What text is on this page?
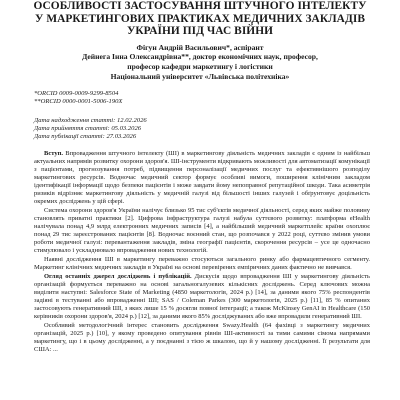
ОСОБЛИВОСТІ ЗАСТОСУВАННЯ ШТУЧНОГО ІНТЕЛЕКТУ
У МАРКЕТИНГОВИХ ПРАКТИКАХ МЕДИЧНИХ ЗАКЛАДІВ
УКРАЇНИ ПІД ЧАС ВІЙНИ
Фігун Андрій Васильович*, аспірант
Дейнега Інна Олександрівна**, доктор економічних наук, професор,
професор кафедри маркетингу і логістики
Національний університет «Львівська політехніка»
*ORCID 0009-0009-9299-8504
**ORCID 0000-0001-5006-190X
Дата надходження статті: 12.02.2026
Дата прийняття статті: 05.03.2026
Дата публікації статті: 27.03.2026

Вступ. Впровадження штучного інтелекту (ШІ) в маркетингову діяльність медичних закладів є одним із найбільш актуальних напрямів розвитку охорони здоров'я. ШІ-інструменти відкривають можливості для автоматизації комунікації з пацієнтами, прогнозування потреб, підвищення персоналізації медичних послуг та ефективнішого розподілу маркетингових ресурсів. Водночас медичний сектор формує особливі вимоги, поширення клінічним закладом ідентифікації інформації щодо безпеки пацієнтів і може завдати йому непоправної репутаційної шкоди. Така асиметрія ризиків відрізняє маркетингову діяльність у медичній галузі від більшості інших галузей і обґрунтовує доцільність окремих досліджень у цій сфері.

Система охорони здоров'я України налічує близько 95 тис суб'єктів медичної діяльності, серед яких майже половину становлять приватні практики [2]. Цифрова інфраструктура галузі набула суттєвого розвитку: платформа eHealth налічувала понад 4,9 млрд електронних медичних записів [4], а найбільший медичний маркетплейс країни охоплює понад 29 тис зареєстрованих пацієнтів [8]. Водночас воєнний стан, що розпочався у 2022 році, суттєво змінив умови роботи медичної галузі: перевантаження закладів, зміна географії пацієнтів, скорочення ресурсів – усе це одночасно стимулювало і ускладнювало впровадження нових технологій.

Наявні дослідження ШІ в маркетингу переважно стосуються загального ринку або фармацевтичного сегменту. Маркетинг клінічних медичних закладів в Україні на основі перевірених емпіричних даних фактично не вивчався.

Огляд останніх джерел досліджень і публікацій. Дискусія щодо впровадження ШІ у маркетингову діяльність організацій формується переважно на основі загальногалузевих кількісних досліджень. Серед ключових можна виділити наступні: Salesforce State of Marketing (4850 маркетологів, 2024 р.) [14], за даними якого 75% респондентів задіяні в тестуванні або впровадженні ШІ; SAS / Coleman Parkes (300 маркетологів, 2025 р.) [11], 85 % опитаних застосовують генеративний ШІ, з яких лише 15 % досягли повної інтеграції; а також McKinsey GenAI in Healthcare (150 керівників охорони здоров'я, 2024 р.) [12], за даними якого 85% досліджуваних або вже впровадили генеративний ШІ.

Особливий методологічний інтерес становить дослідження Swazy.Health (64 фахівці з маркетингу медичних організацій, 2025 р.) [10], у якому проведено опитування рівнів ШІ-активності за тими самими сімома напрямами маркетингу, що і в цьому дослідженні, а у поєднанні з тією ж шкалою, що й у нашому дослідженні. Її результати для США: ...
